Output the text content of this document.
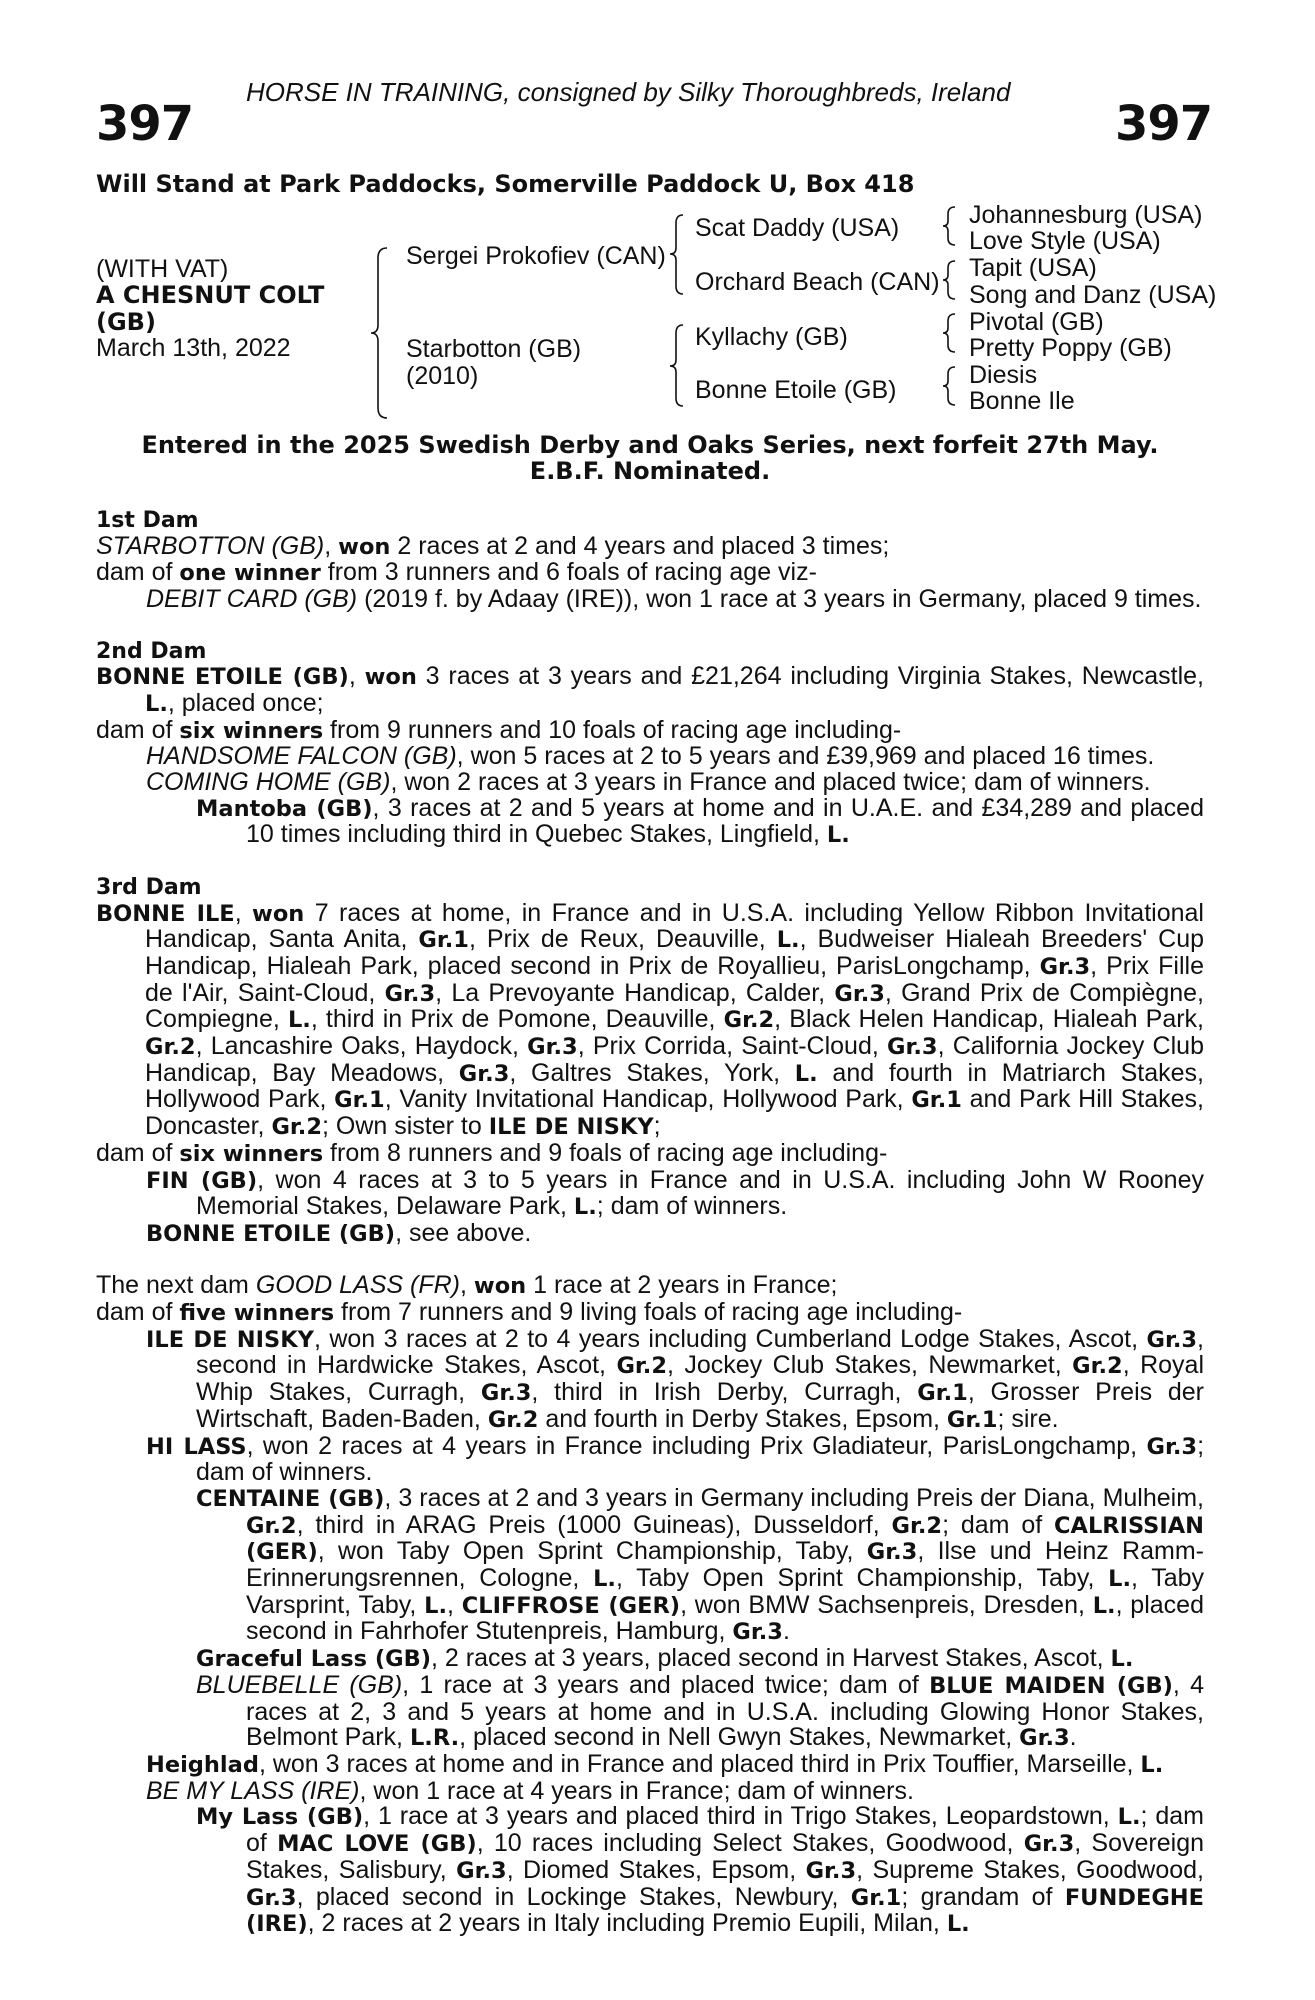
HORSE IN TRAINING, consigned by Silky Thoroughbreds, Ireland
397	397
Will Stand at Park Paddocks, Somerville Paddock U, Box 418
(WITH VAT)
A CHESNUT COLT
(GB)
March 13th, 2022
Sergei Prokofiev (CAN)
Starbotton (GB)
(2010)
Scat Daddy (USA)
Orchard Beach (CAN)
Kyllachy (GB)
Bonne Etoile (GB)
Johannesburg (USA)
Love Style (USA)
Tapit (USA)
Song and Danz (USA)
Pivotal (GB)
Pretty Poppy (GB)
Diesis
Bonne Ile
Entered in the 2025 Swedish Derby and Oaks Series, next forfeit 27th May.
E.B.F. Nominated.
1st Dam

STARBOTTON (GB), won 2 races at 2 and 4 years and placed 3 times;

dam of one winner from 3 runners and 6 foals of racing age viz-

DEBIT CARD (GB) (2019 f. by Adaay (IRE)), won 1 race at 3 years in Germany, placed 9 times.

2nd Dam

BONNE ETOILE (GB), won 3 races at 3 years and £21,264 including Virginia Stakes, Newcastle, L., placed once;

dam of six winners from 9 runners and 10 foals of racing age including-

HANDSOME FALCON (GB), won 5 races at 2 to 5 years and £39,969 and placed 16 times.

COMING HOME (GB), won 2 races at 3 years in France and placed twice; dam of winners.

Mantoba (GB), 3 races at 2 and 5 years at home and in U.A.E. and £34,289 and placed 10 times including third in Quebec Stakes, Lingfield, L.

3rd Dam

BONNE ILE, won 7 races at home, in France and in U.S.A. including Yellow Ribbon Invitational Handicap, Santa Anita, Gr.1, Prix de Reux, Deauville, L., Budweiser Hialeah Breeders' Cup Handicap, Hialeah Park, placed second in Prix de Royallieu, ParisLongchamp, Gr.3, Prix Fille de l'Air, Saint-Cloud, Gr.3, La Prevoyante Handicap, Calder, Gr.3, Grand Prix de Compiègne, Compiegne, L., third in Prix de Pomone, Deauville, Gr.2, Black Helen Handicap, Hialeah Park, Gr.2, Lancashire Oaks, Haydock, Gr.3, Prix Corrida, Saint-Cloud, Gr.3, California Jockey Club Handicap, Bay Meadows, Gr.3, Galtres Stakes, York, L. and fourth in Matriarch Stakes, Hollywood Park, Gr.1, Vanity Invitational Handicap, Hollywood Park, Gr.1 and Park Hill Stakes, Doncaster, Gr.2; Own sister to ILE DE NISKY;

dam of six winners from 8 runners and 9 foals of racing age including-

FIN (GB), won 4 races at 3 to 5 years in France and in U.S.A. including John W Rooney Memorial Stakes, Delaware Park, L.; dam of winners.

BONNE ETOILE (GB), see above.

The next dam GOOD LASS (FR), won 1 race at 2 years in France;

dam of five winners from 7 runners and 9 living foals of racing age including-

ILE DE NISKY, won 3 races at 2 to 4 years including Cumberland Lodge Stakes, Ascot, Gr.3, second in Hardwicke Stakes, Ascot, Gr.2, Jockey Club Stakes, Newmarket, Gr.2, Royal Whip Stakes, Curragh, Gr.3, third in Irish Derby, Curragh, Gr.1, Grosser Preis der Wirtschaft, Baden-Baden, Gr.2 and fourth in Derby Stakes, Epsom, Gr.1; sire.

HI LASS, won 2 races at 4 years in France including Prix Gladiateur, ParisLongchamp, Gr.3; dam of winners.

CENTAINE (GB), 3 races at 2 and 3 years in Germany including Preis der Diana, Mulheim, Gr.2, third in ARAG Preis (1000 Guineas), Dusseldorf, Gr.2; dam of CALRISSIAN (GER), won Taby Open Sprint Championship, Taby, Gr.3, Ilse und Heinz Ramm-Erinnerungsrennen, Cologne, L., Taby Open Sprint Championship, Taby, L., Taby Varsprint, Taby, L., CLIFFROSE (GER), won BMW Sachsenpreis, Dresden, L., placed second in Fahrhofer Stutenpreis, Hamburg, Gr.3.

Graceful Lass (GB), 2 races at 3 years, placed second in Harvest Stakes, Ascot, L.

BLUEBELLE (GB), 1 race at 3 years and placed twice; dam of BLUE MAIDEN (GB), 4 races at 2, 3 and 5 years at home and in U.S.A. including Glowing Honor Stakes, Belmont Park, L.R., placed second in Nell Gwyn Stakes, Newmarket, Gr.3.

Heighlad, won 3 races at home and in France and placed third in Prix Touffier, Marseille, L.

BE MY LASS (IRE), won 1 race at 4 years in France; dam of winners.

My Lass (GB), 1 race at 3 years and placed third in Trigo Stakes, Leopardstown, L.; dam of MAC LOVE (GB), 10 races including Select Stakes, Goodwood, Gr.3, Sovereign Stakes, Salisbury, Gr.3, Diomed Stakes, Epsom, Gr.3, Supreme Stakes, Goodwood, Gr.3, placed second in Lockinge Stakes, Newbury, Gr.1; grandam of FUNDEGHE (IRE), 2 races at 2 years in Italy including Premio Eupili, Milan, L.
